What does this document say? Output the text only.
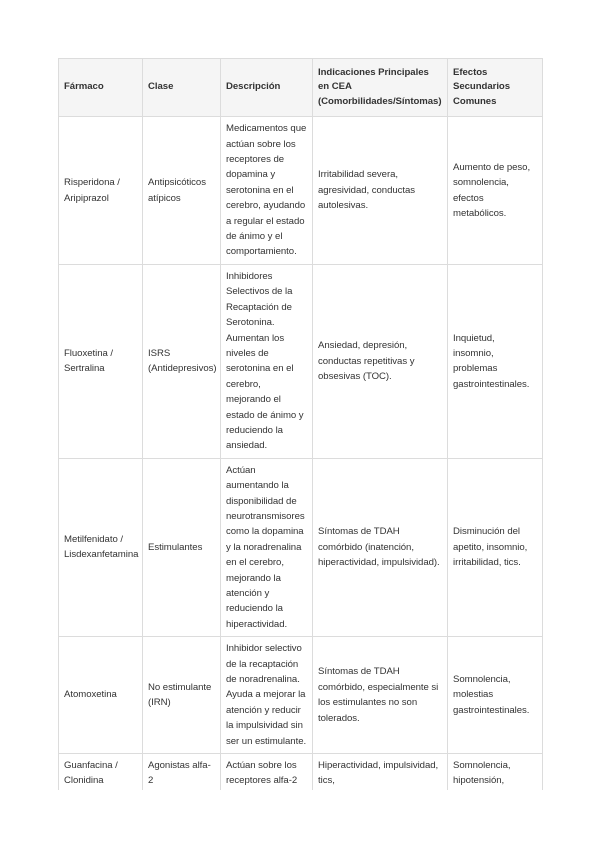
Fármaco	Clase	Descripción	Indicaciones Principales en CEA (Comorbilidades/Síntomas)	Efectos Secundarios Comunes
Risperidona / Aripiprazol	Antipsicóticos atípicos	Medicamentos que actúan sobre los receptores de dopamina y serotonina en el cerebro, ayudando a regular el estado de ánimo y el comportamiento.	Irritabilidad severa, agresividad, conductas autolesivas.	Aumento de peso, somnolencia, efectos metabólicos.
Fluoxetina / Sertralina	ISRS (Antidepresivos)	Inhibidores Selectivos de la Recaptación de Serotonina. Aumentan los niveles de serotonina en el cerebro, mejorando el estado de ánimo y reduciendo la ansiedad.	Ansiedad, depresión, conductas repetitivas y obsesivas (TOC).	Inquietud, insomnio, problemas gastrointestinales.
Metilfenidato / Lisdexanfetamina	Estimulantes	Actúan aumentando la disponibilidad de neurotransmisores como la dopamina y la noradrenalina en el cerebro, mejorando la atención y reduciendo la hiperactividad.	Síntomas de TDAH comórbido (inatención, hiperactividad, impulsividad).	Disminución del apetito, insomnio, irritabilidad, tics.
Atomoxetina	No estimulante (IRN)	Inhibidor selectivo de la recaptación de noradrenalina. Ayuda a mejorar la atención y reducir la impulsividad sin ser un estimulante.	Síntomas de TDAH comórbido, especialmente si los estimulantes no son tolerados.	Somnolencia, molestias gastrointestinales.
Guanfacina / Clonidina	Agonistas alfa-2	Actúan sobre los receptores alfa-2	Hiperactividad, impulsividad, tics,	Somnolencia, hipotensión,
